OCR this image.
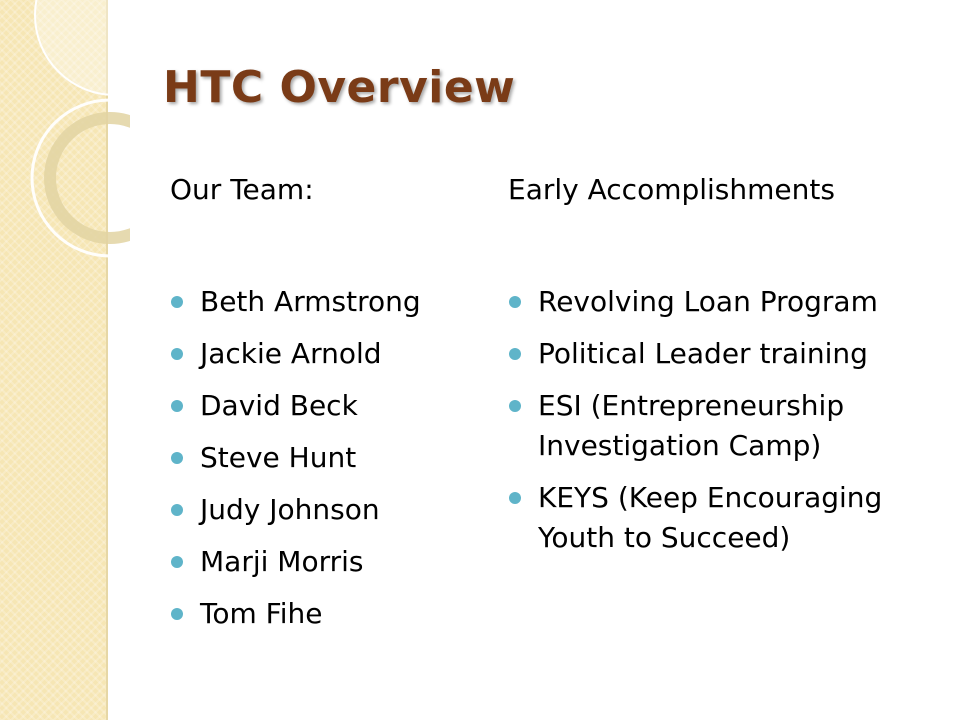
HTC Overview
Our Team:
Beth Armstrong
Jackie Arnold
David Beck
Steve Hunt
Judy Johnson
Marji Morris
Tom Fihe
Early Accomplishments
Revolving Loan Program
Political Leader training
ESI (Entrepreneurship Investigation Camp)
KEYS (Keep Encouraging Youth to Succeed)
